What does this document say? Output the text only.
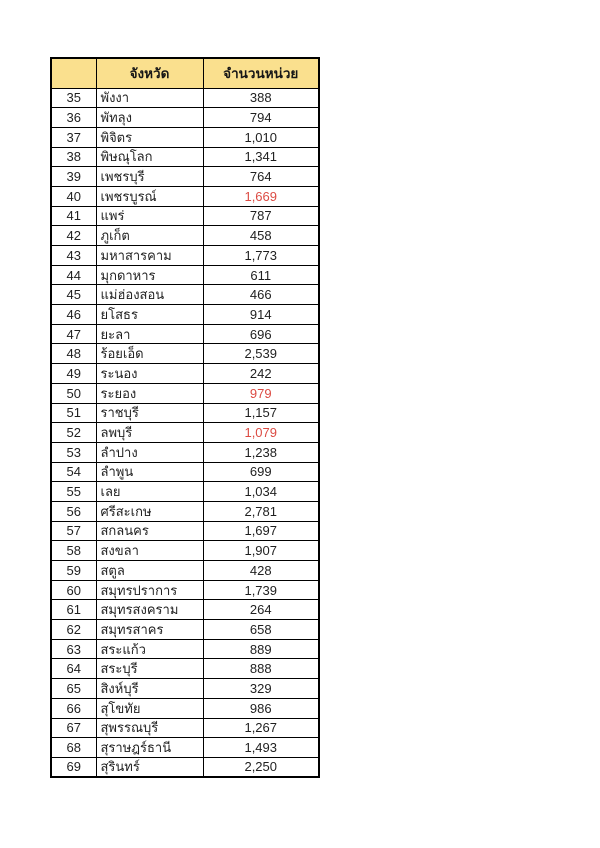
	จังหวัด	จำนวนหน่วย
35	พังงา	388
36	พัทลุง	794
37	พิจิตร	1,010
38	พิษณุโลก	1,341
39	เพชรบุรี	764
40	เพชรบูรณ์	1,669
41	แพร่	787
42	ภูเก็ต	458
43	มหาสารคาม	1,773
44	มุกดาหาร	611
45	แม่ฮ่องสอน	466
46	ยโสธร	914
47	ยะลา	696
48	ร้อยเอ็ด	2,539
49	ระนอง	242
50	ระยอง	979
51	ราชบุรี	1,157
52	ลพบุรี	1,079
53	ลำปาง	1,238
54	ลำพูน	699
55	เลย	1,034
56	ศรีสะเกษ	2,781
57	สกลนคร	1,697
58	สงขลา	1,907
59	สตูล	428
60	สมุทรปราการ	1,739
61	สมุทรสงคราม	264
62	สมุทรสาคร	658
63	สระแก้ว	889
64	สระบุรี	888
65	สิงห์บุรี	329
66	สุโขทัย	986
67	สุพรรณบุรี	1,267
68	สุราษฎร์ธานี	1,493
69	สุรินทร์	2,250
